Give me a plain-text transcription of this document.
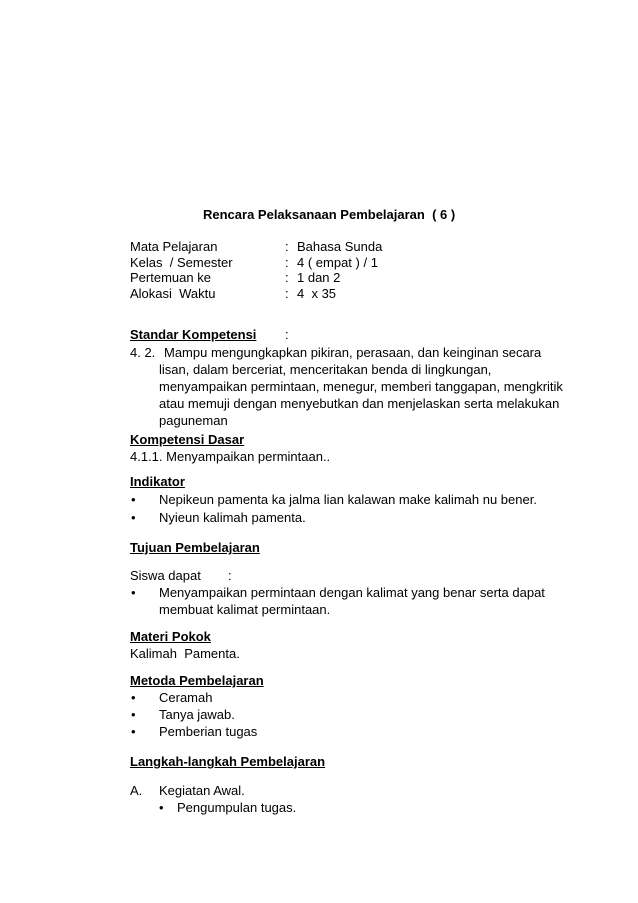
Rencara Pelaksanaan Pembelajaran  ( 6 )
Mata Pelajaran	: Bahasa Sunda
Kelas  / Semester	: 4 ( empat ) / 1
Pertemuan ke	: 1 dan 2
Alokasi  Waktu	: 4  x 35
Standar Kompetensi :
4. 2. Mampu mengungkapkan pikiran, perasaan, dan keinginan secara
lisan, dalam berceriat, menceritakan benda di lingkungan,
menyampaikan permintaan, menegur, memberi tanggapan, mengkritik
atau memuji dengan menyebutkan dan menjelaskan serta melakukan
paguneman
Kompetensi Dasar
4.1.1. Menyampaikan permintaan..
Indikator
•	Nepikeun pamenta ka jalma lian kalawan make kalimah nu bener.
•	Nyieun kalimah pamenta.
Tujuan Pembelajaran
Siswa dapat :
•	Menyampaikan permintaan dengan kalimat yang benar serta dapat
membuat kalimat permintaan.
Materi Pokok
Kalimah  Pamenta.
Metoda Pembelajaran
•	Ceramah
•	Tanya jawab.
•	Pemberian tugas
Langkah-langkah Pembelajaran
A. Kegiatan Awal.
•	Pengumpulan tugas.
